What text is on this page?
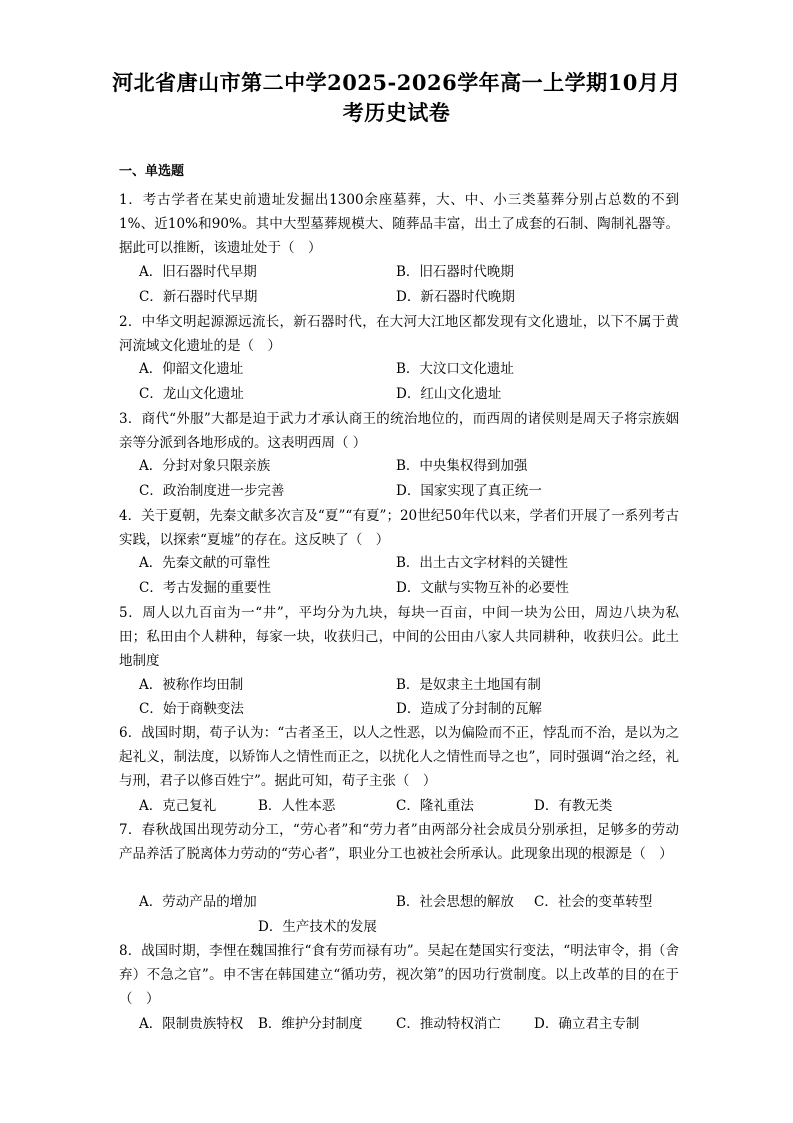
河北省唐山市第二中学2025-2026学年高一上学期10月月
考历史试卷
一、单选题
1．考古学者在某史前遗址发掘出1300余座墓葬，大、中、小三类墓葬分别占总数的不到1%、近10%和90%。其中大型墓葬规模大、随葬品丰富，出土了成套的石制、陶制礼器等。据此可以推断，该遗址处于（　）
A．旧石器时代早期	B．旧石器时代晚期
C．新石器时代早期	D．新石器时代晚期
2．中华文明起源源远流长，新石器时代，在大河大江地区都发现有文化遗址，以下不属于黄河流域文化遗址的是（　）
A．仰韶文化遗址	B．大汶口文化遗址
C．龙山文化遗址	D．红山文化遗址
3．商代“外服”大都是迫于武力才承认商王的统治地位的，而西周的诸侯则是周天子将宗族姻亲等分派到各地形成的。这表明西周（ ）
A．分封对象只限亲族	B．中央集权得到加强
C．政治制度进一步完善	D．国家实现了真正统一
4．关于夏朝，先秦文献多次言及“夏”“有夏”；20世纪50年代以来，学者们开展了一系列考古实践，以探索“夏墟”的存在。这反映了（　）
A．先秦文献的可靠性	B．出土古文字材料的关键性
C．考古发掘的重要性	D．文献与实物互补的必要性
5．周人以九百亩为一“井”，平均分为九块，每块一百亩，中间一块为公田，周边八块为私田；私田由个人耕种，每家一块，收获归己，中间的公田由八家人共同耕种，收获归公。此土地制度
A．被称作均田制	B．是奴隶主土地国有制
C．始于商鞅变法	D．造成了分封制的瓦解
6．战国时期，荀子认为：“古者圣王，以人之性恶，以为偏险而不正，悖乱而不治，是以为之起礼义，制法度，以矫饰人之情性而正之，以扰化人之情性而导之也”，同时强调“治之经，礼与刑，君子以修百姓宁”。据此可知，荀子主张（　）
A．克己复礼	B．人性本恶	C．隆礼重法	D．有教无类
7．春秋战国出现劳动分工，“劳心者”和“劳力者”由两部分社会成员分别承担，足够多的劳动产品养活了脱离体力劳动的“劳心者”，职业分工也被社会所承认。此现象出现的根源是（　）
A．劳动产品的增加	B．社会思想的解放 C．社会的变革转型
D．生产技术的发展
8．战国时期，李悝在魏国推行“食有劳而禄有功”。吴起在楚国实行变法，“明法审令，捐（舍弃）不急之官”。申不害在韩国建立“循功劳，视次第”的因功行赏制度。以上改革的目的在于（　）
A．限制贵族特权 B．维护分封制度 C．推动特权消亡 D．确立君主专制
